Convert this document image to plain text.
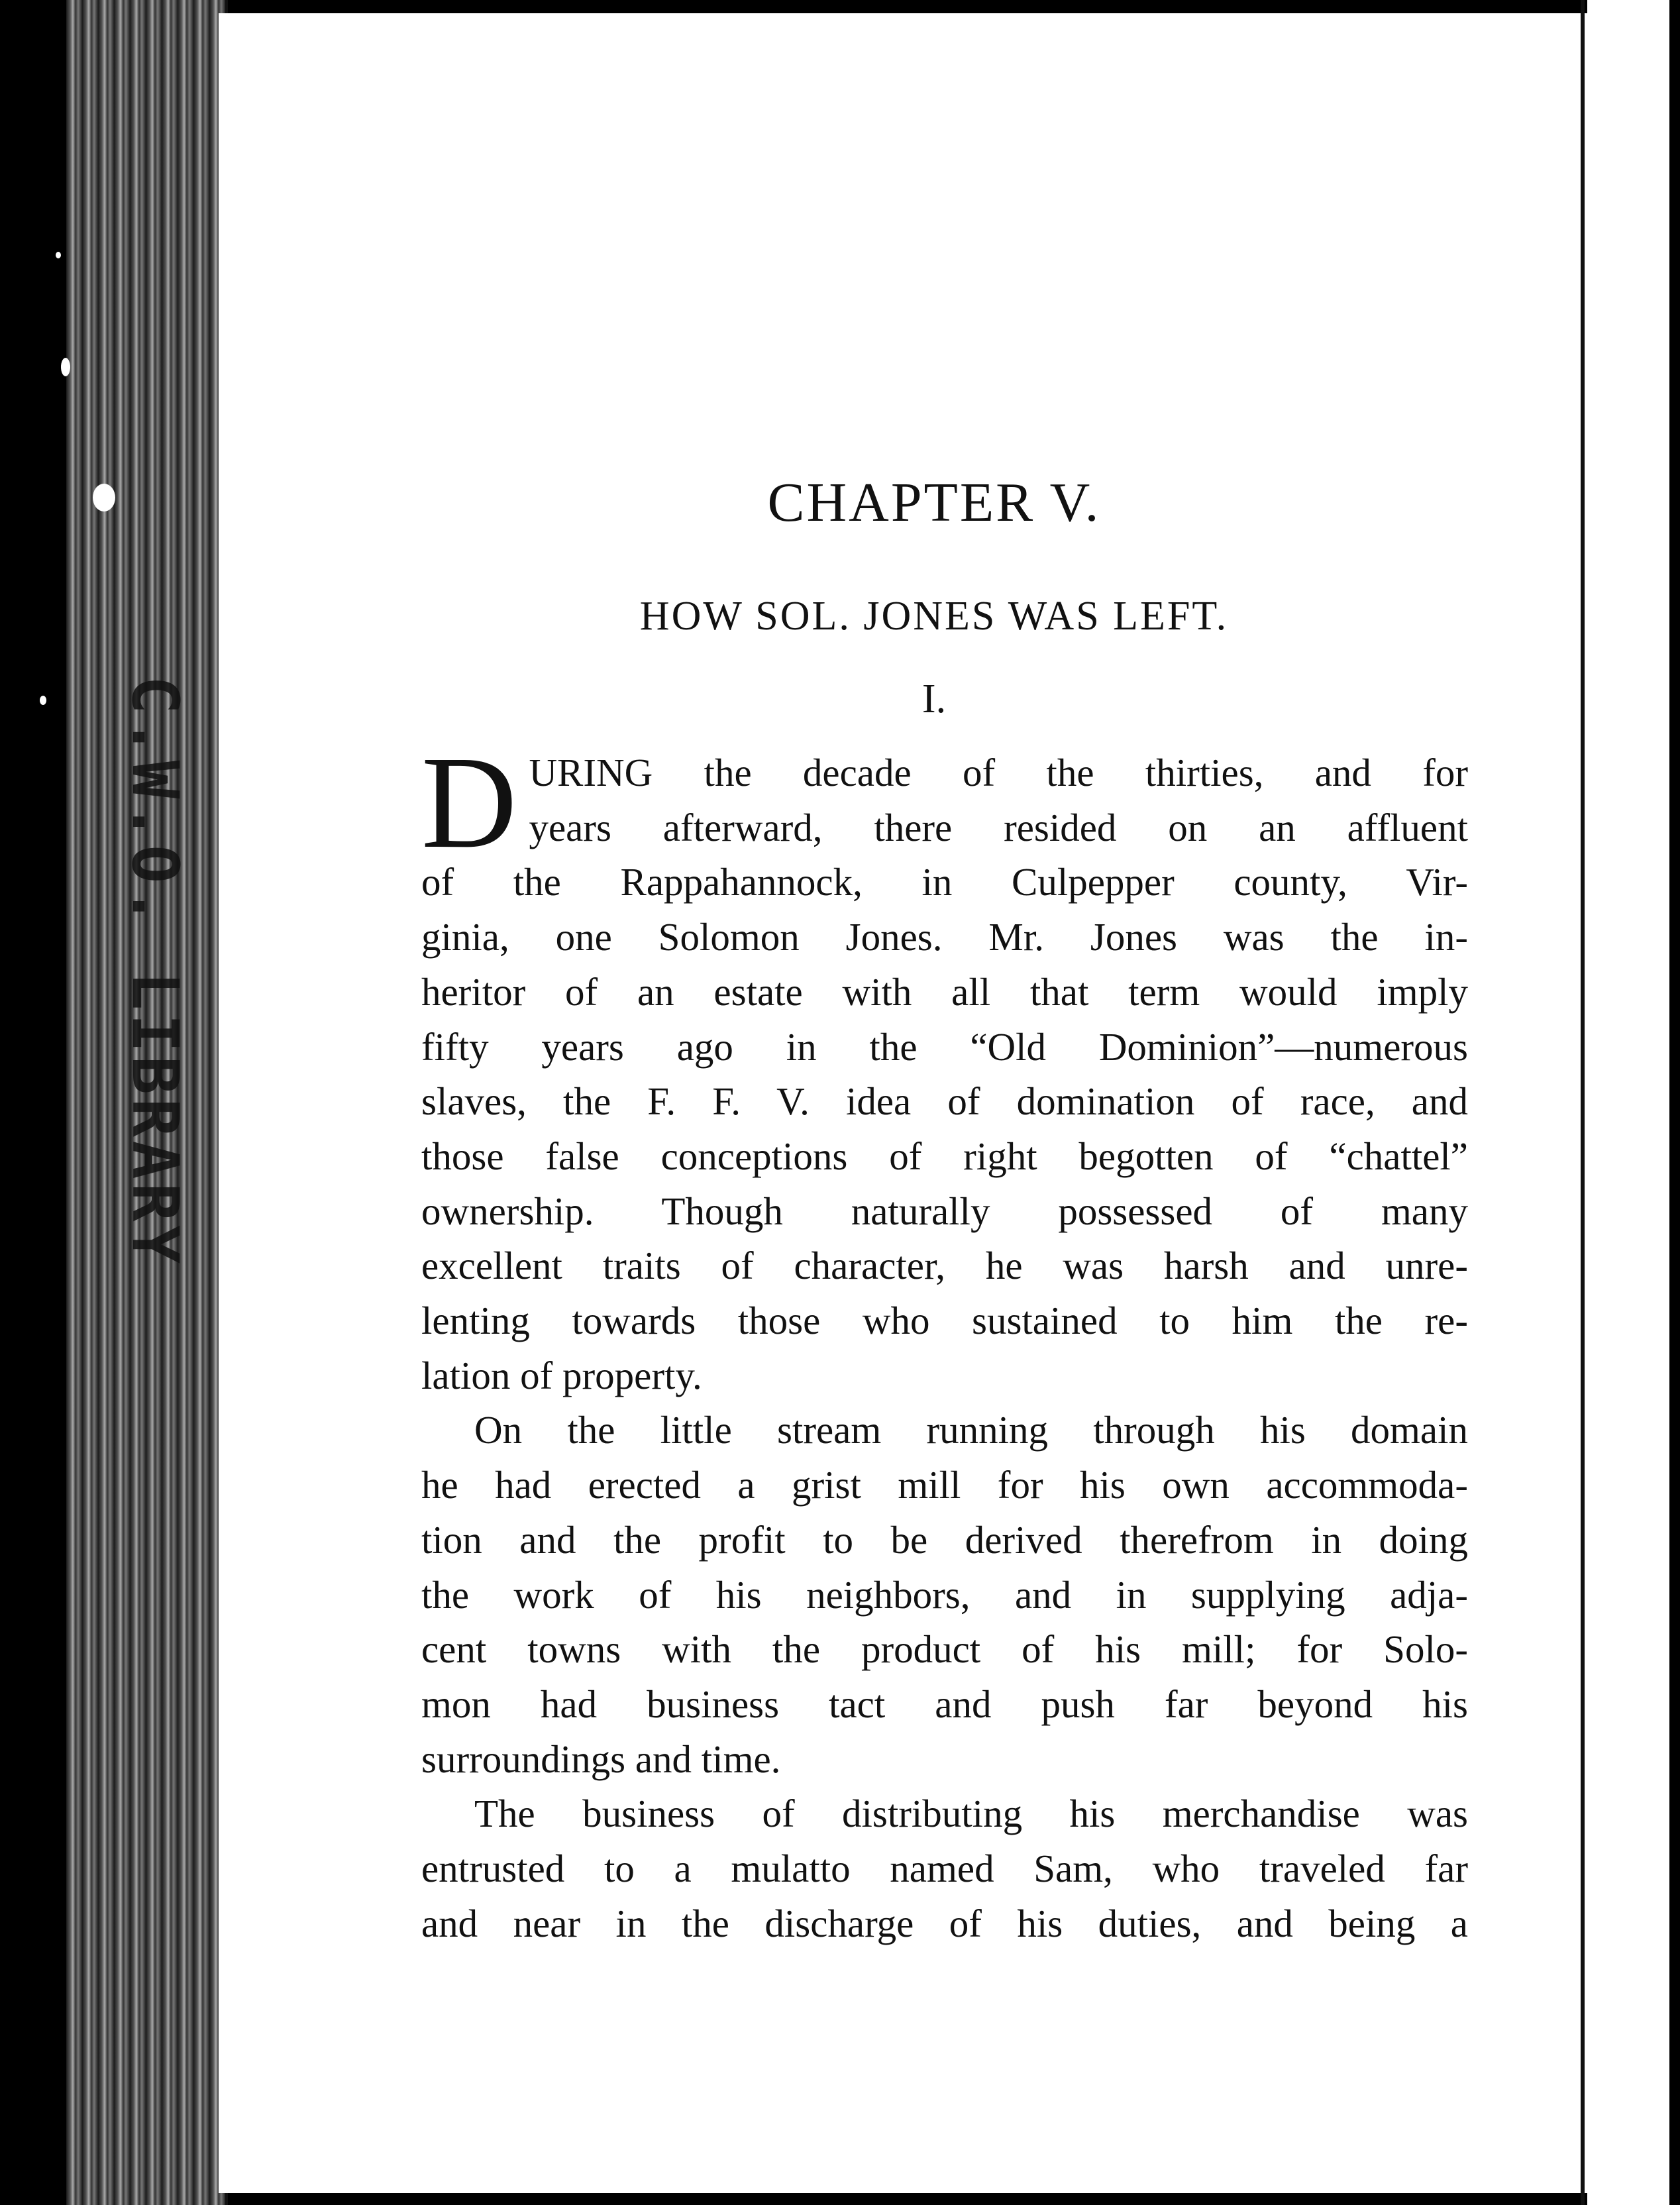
C.W.O. LIBRARY
CHAPTER V.
HOW SOL. JONES WAS LEFT.
I.
D URING the decade of the thirties, and for
years afterward, there resided on an affluent
of the Rappahannock, in Culpepper county, Vir-
ginia, one Solomon Jones. Mr. Jones was the in-
heritor of an estate with all that term would imply
fifty years ago in the “Old Dominion”—numerous
slaves, the F. F. V. idea of domination of race, and
those false conceptions of right begotten of “chattel”
ownership. Though naturally possessed of many
excellent traits of character, he was harsh and unre-
lenting towards those who sustained to him the re-
lation of property.
On the little stream running through his domain
he had erected a grist mill for his own accommoda-
tion and the profit to be derived therefrom in doing
the work of his neighbors, and in supplying adja-
cent towns with the product of his mill; for Solo-
mon had business tact and push far beyond his
surroundings and time.
The business of distributing his merchandise was
entrusted to a mulatto named Sam, who traveled far
and near in the discharge of his duties, and being a
